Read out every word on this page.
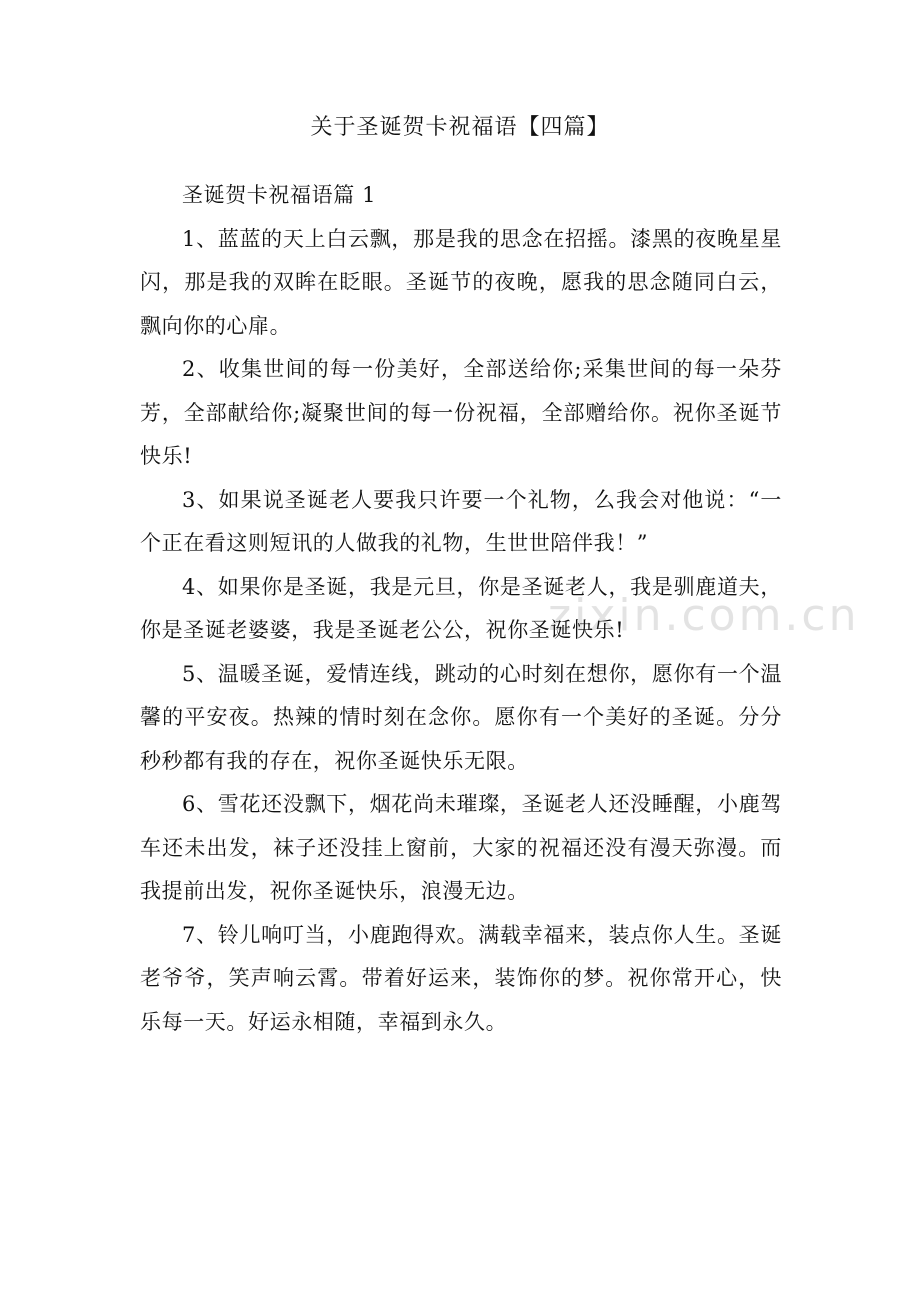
zixin.com.cn
关于圣诞贺卡祝福语【四篇】

圣诞贺卡祝福语篇 1

1、蓝蓝的天上白云飘，那是我的思念在招摇。漆黑的夜晚星星闪，那是我的双眸在眨眼。圣诞节的夜晚，愿我的思念随同白云，飘向你的心扉。

2、收集世间的每一份美好，全部送给你;采集世间的每一朵芬芳，全部献给你;凝聚世间的每一份祝福，全部赠给你。祝你圣诞节快乐!

3、如果说圣诞老人要我只许要一个礼物，么我会对他说：“一个正在看这则短讯的人做我的礼物，生世世陪伴我！”

4、如果你是圣诞，我是元旦，你是圣诞老人，我是驯鹿道夫，你是圣诞老婆婆，我是圣诞老公公，祝你圣诞快乐!

5、温暖圣诞，爱情连线，跳动的心时刻在想你，愿你有一个温馨的平安夜。热辣的情时刻在念你。愿你有一个美好的圣诞。分分秒秒都有我的存在，祝你圣诞快乐无限。

6、雪花还没飘下，烟花尚未璀璨，圣诞老人还没睡醒，小鹿驾车还未出发，袜子还没挂上窗前，大家的祝福还没有漫天弥漫。而我提前出发，祝你圣诞快乐，浪漫无边。

7、铃儿响叮当，小鹿跑得欢。满载幸福来，装点你人生。圣诞老爷爷，笑声响云霄。带着好运来，装饰你的梦。祝你常开心，快乐每一天。好运永相随，幸福到永久。
